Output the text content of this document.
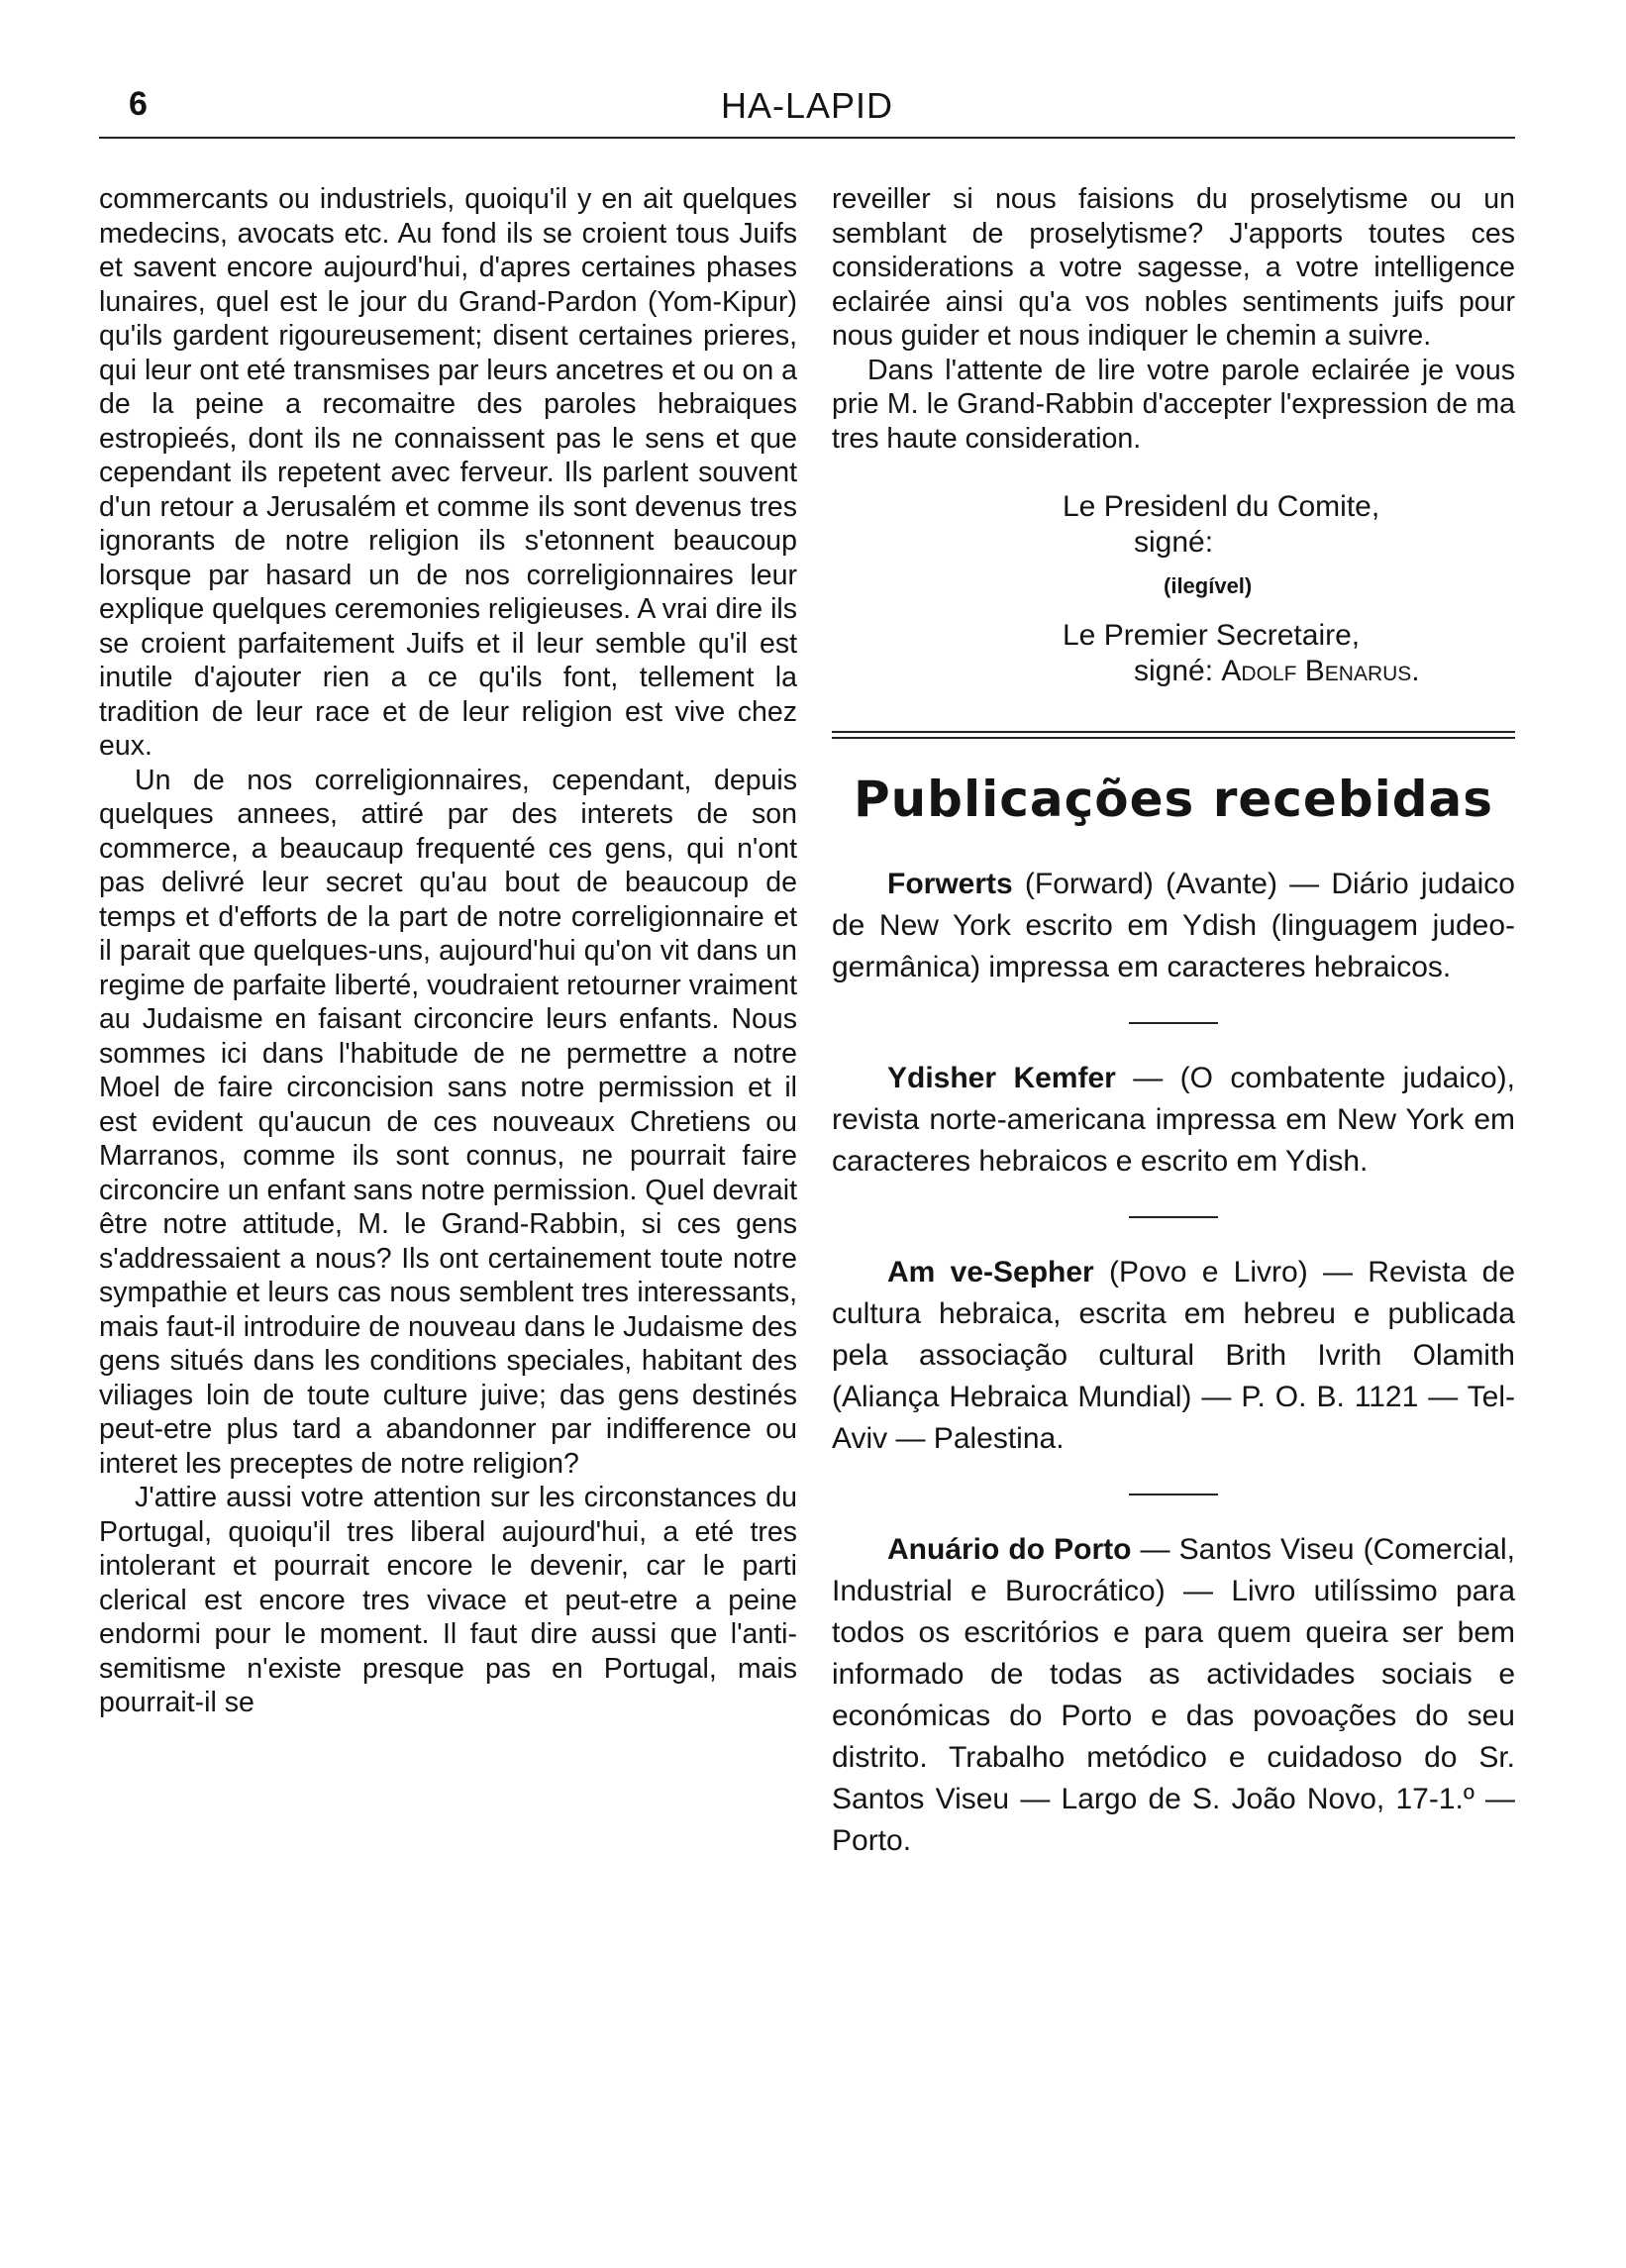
6	HA-LAPID

commercants ou industriels, quoiqu'il y en ait quelques medecins, avocats etc. Au fond ils se croient tous Juifs et savent encore aujourd'hui, d'apres certaines phases lunaires, quel est le jour du Grand-Pardon (Yom-Kipur) qu'ils gardent rigoureusement; disent certaines prieres, qui leur ont eté transmises par leurs ancetres et ou on a de la peine a recomaitre des paroles hebraiques estropieés, dont ils ne connaissent pas le sens et que cependant ils repetent avec ferveur. Ils parlent souvent d'un retour a Jerusalém et comme ils sont devenus tres ignorants de notre religion ils s'etonnent beaucoup lorsque par hasard un de nos correligionnaires leur explique quelques ceremonies religieuses. A vrai dire ils se croient parfaitement Juifs et il leur semble qu'il est inutile d'ajouter rien a ce qu'ils font, tellement la tradition de leur race et de leur religion est vive chez eux.

Un de nos correligionnaires, cependant, depuis quelques annees, attiré par des interets de son commerce, a beaucaup frequenté ces gens, qui n'ont pas delivré leur secret qu'au bout de beaucoup de temps et d'efforts de la part de notre correligionnaire et il parait que quelques-uns, aujourd'hui qu'on vit dans un regime de parfaite liberté, voudraient retourner vraiment au Judaisme en faisant circoncire leurs enfants. Nous sommes ici dans l'habitude de ne permettre a notre Moel de faire circoncision sans notre permission et il est evident qu'aucun de ces nouveaux Chretiens ou Marranos, comme ils sont connus, ne pourrait faire circoncire un enfant sans notre permission. Quel devrait être notre attitude, M. le Grand-Rabbin, si ces gens s'addressaient a nous? Ils ont certainement toute notre sympathie et leurs cas nous semblent tres interessants, mais faut-il introduire de nouveau dans le Judaisme des gens situés dans les conditions speciales, habitant des viliages loin de toute culture juive; das gens destinés peut-etre plus tard a abandonner par indifference ou interet les preceptes de notre religion?

J'attire aussi votre attention sur les circonstances du Portugal, quoiqu'il tres liberal aujourd'hui, a eté tres intolerant et pourrait encore le devenir, car le parti clerical est encore tres vivace et peut-etre a peine endormi pour le moment. Il faut dire aussi que l'anti-semitisme n'existe presque pas en Portugal, mais pourrait-il se

reveiller si nous faisions du proselytisme ou un semblant de proselytisme? J'apports toutes ces considerations a votre sagesse, a votre intelligence eclairée ainsi qu'a vos nobles sentiments juifs pour nous guider et nous indiquer le chemin a suivre.

Dans l'attente de lire votre parole eclairée je vous prie M. le Grand-Rabbin d'accepter l'expression de ma tres haute consideration.

Le Presidenl du Comite,
signé:
(ilegível)
Le Premier Secretaire,
signé: Adolf Benarus.
Publicações recebidas

Forwerts (Forward) (Avante) — Diário judaico de New York escrito em Ydish (linguagem judeo-germânica) impressa em caracteres hebraicos.

Ydisher Kemfer — (O combatente judaico), revista norte-americana impressa em New York em caracteres hebraicos e escrito em Ydish.

Am ve-Sepher (Povo e Livro) — Revista de cultura hebraica, escrita em hebreu e publicada pela associação cultural Brith Ivrith Olamith (Aliança Hebraica Mundial) — P. O. B. 1121 — Tel-Aviv — Palestina.

Anuário do Porto — Santos Viseu (Comercial, Industrial e Burocrático) — Livro utilíssimo para todos os escritórios e para quem queira ser bem informado de todas as actividades sociais e económicas do Porto e das povoações do seu distrito. Trabalho metódico e cuidadoso do Sr. Santos Viseu — Largo de S. João Novo, 17-1.º — Porto.
